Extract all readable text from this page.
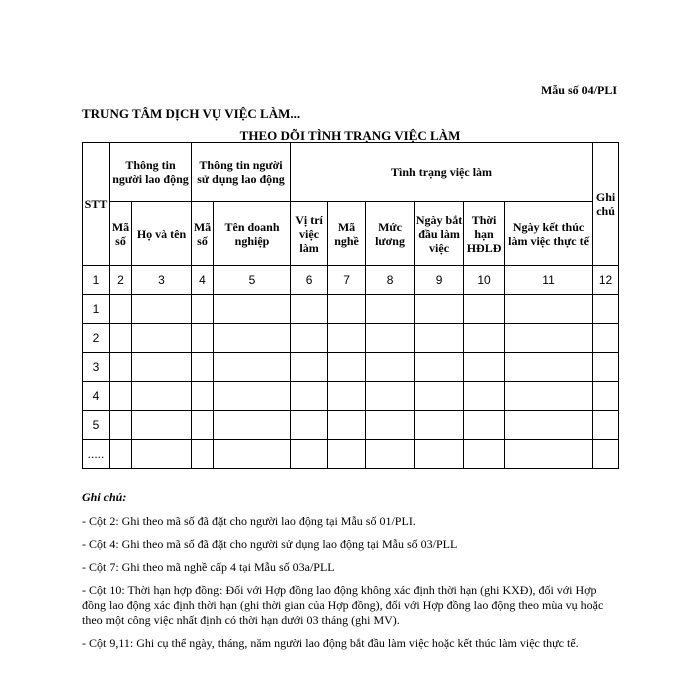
Mẫu số 04/PLI
TRUNG TÂM DỊCH VỤ VIỆC LÀM...
THEO DÕI TÌNH TRẠNG VIỆC LÀM
STT	Thông tin người lao động		Thông tin người sử dụng lao động		Tình trạng việc làm						Ghi chú
	Mã số	Họ và tên	Mã số	Tên doanh nghiệp	Vị trí việc làm	Mã nghề	Mức lương	Ngày bắt đầu làm việc	Thời hạn HĐLĐ	Ngày kết thúc làm việc thực tế	
1	2	3	4	5	6	7	8	9	10	11	12
1											
2											
3											
4											
5											
.....											
Ghi chú:

- Cột 2: Ghi theo mã số đã đặt cho người lao động tại Mẫu số 01/PLI.

- Cột 4: Ghi theo mã số đã đặt cho người sử dụng lao động tại Mẫu số 03/PLL

- Cột 7: Ghi theo mã nghề cấp 4 tại Mẫu số 03a/PLL

- Cột 10: Thời hạn hợp đồng: Đối với Hợp đồng lao động không xác định thời hạn (ghi KXĐ), đối với Hợp đồng lao động xác định thời hạn (ghi thời gian của Hợp đồng), đối với Hợp đồng lao động theo mùa vụ hoặc theo một công việc nhất định có thời hạn dưới 03 tháng (ghi MV).

- Cột 9,11: Ghi cụ thể ngày, tháng, năm người lao động bắt đầu làm việc hoặc kết thúc làm việc thực tế.
